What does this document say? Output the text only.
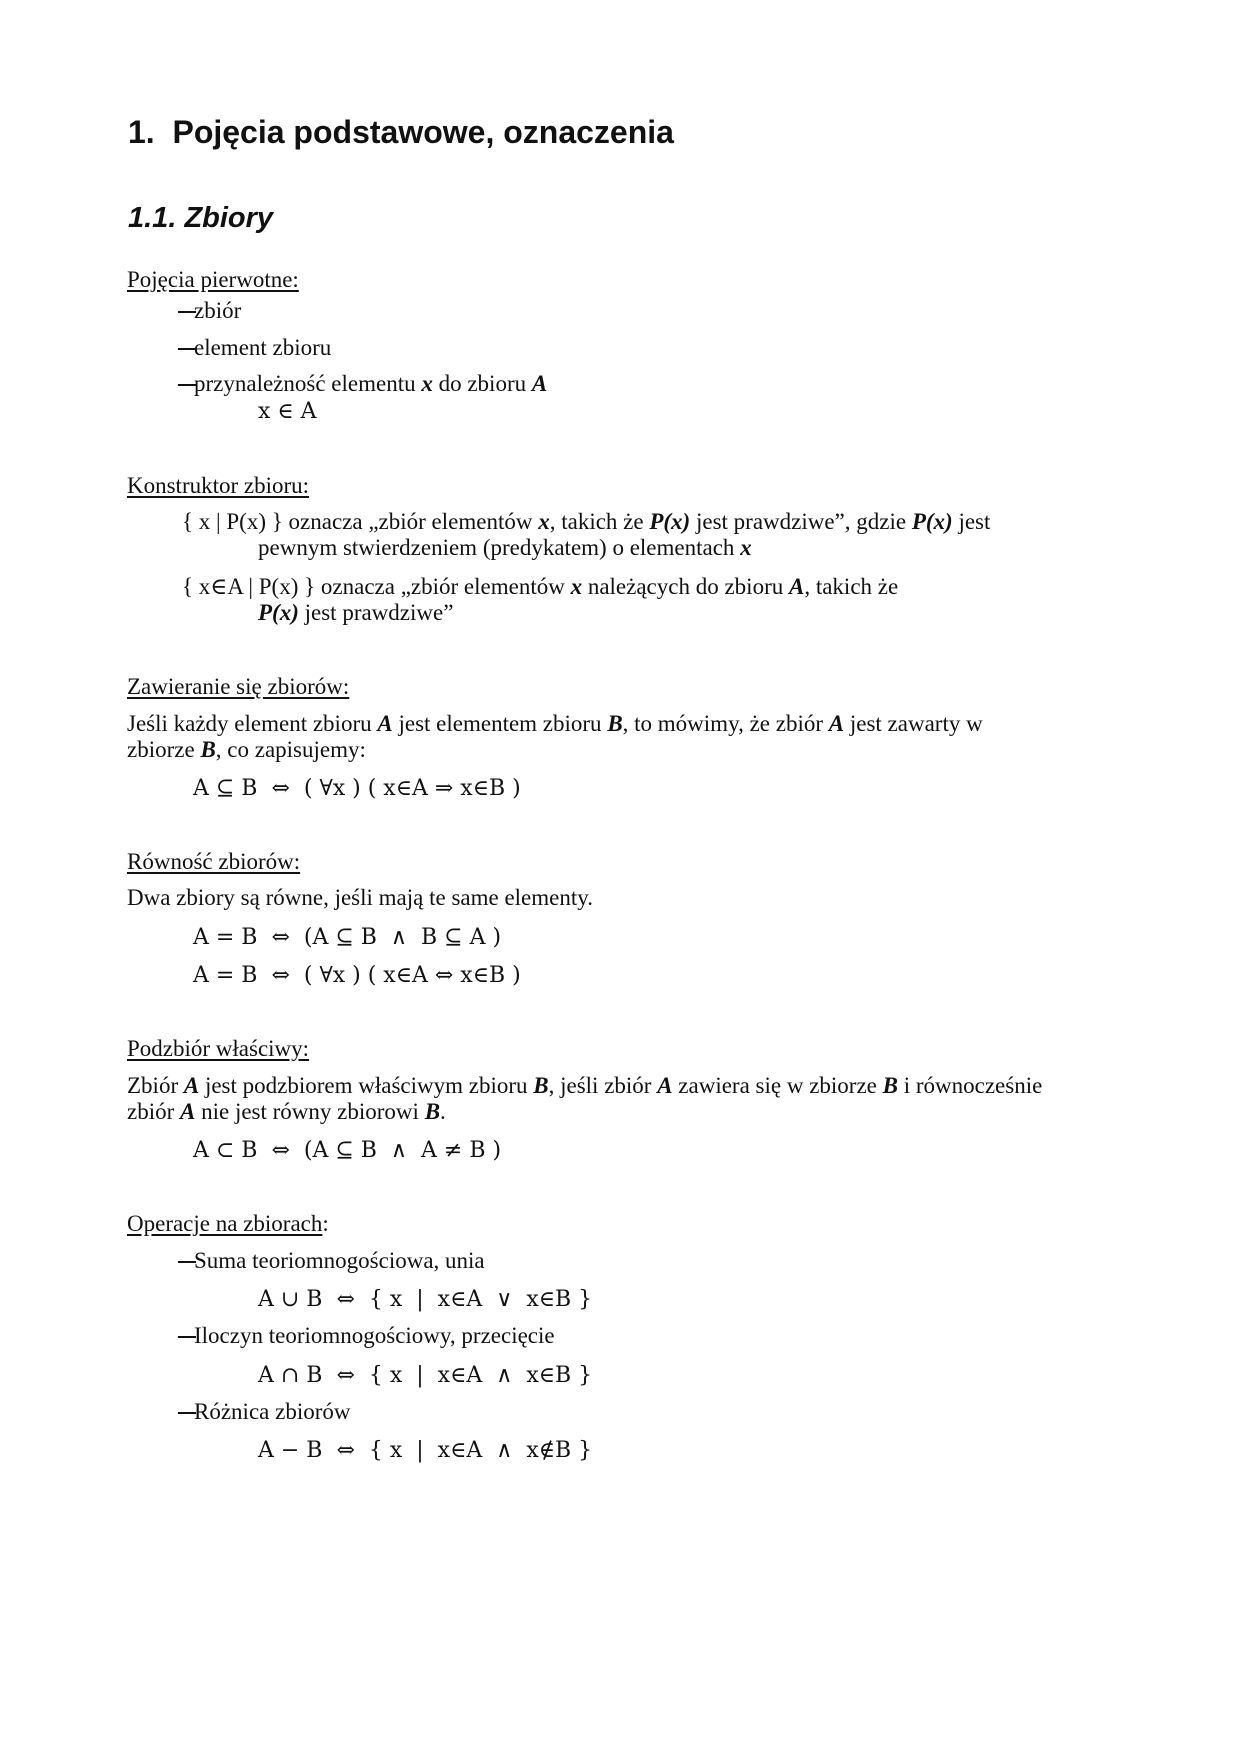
1. Pojęcia podstawowe, oznaczenia
1.1. Zbiory
Pojęcia pierwotne:
zbiór
element zbioru
przynależność elementu x do zbioru A
x ∈ A
Konstruktor zbioru:
{ x | P(x) } oznacza „zbiór elementów x, takich że P(x) jest prawdziwe”, gdzie P(x) jest
pewnym stwierdzeniem (predykatem) o elementach x
{ x∈A | P(x) } oznacza „zbiór elementów x należących do zbioru A, takich że
P(x) jest prawdziwe”
Zawieranie się zbiorów:
Jeśli każdy element zbioru A jest elementem zbioru B, to mówimy, że zbiór A jest zawarty w
zbiorze B, co zapisujemy:
A ⊆ B  ⇔  ( ∀x ) ( x∈A ⇒ x∈B )
Równość zbiorów:
Dwa zbiory są równe, jeśli mają te same elementy.
A = B  ⇔  (A ⊆ B  ∧  B ⊆ A )
A = B  ⇔  ( ∀x ) ( x∈A ⇔ x∈B )
Podzbiór właściwy:
Zbiór A jest podzbiorem właściwym zbioru B, jeśli zbiór A zawiera się w zbiorze B i równocześnie
zbiór A nie jest równy zbiorowi B.
A ⊂ B  ⇔  (A ⊆ B  ∧  A ≠ B )
Operacje na zbiorach:
Suma teoriomnogościowa, unia
A ∪ B  ⇔  { x  |  x∈A  ∨  x∈B }
Iloczyn teoriomnogościowy, przecięcie
A ∩ B  ⇔  { x  |  x∈A  ∧  x∈B }
Różnica zbiorów
A − B  ⇔  { x  |  x∈A  ∧  x∉B }
